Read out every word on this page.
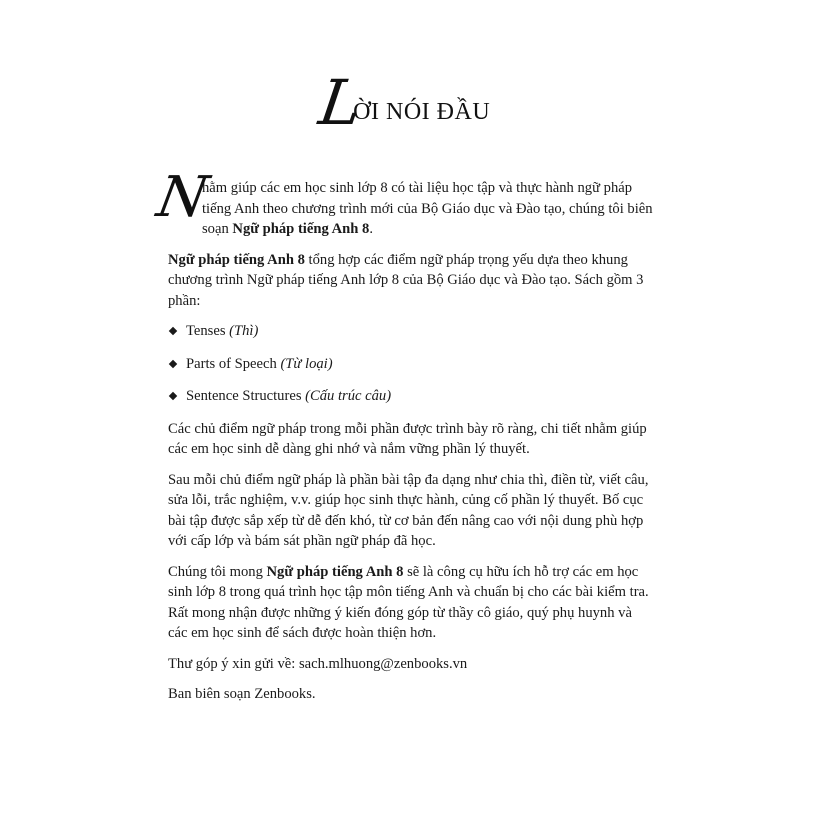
L
ỜI NÓI ĐẦU

N
hằm giúp các em học sinh lớp 8 có tài liệu học tập và thực hành ngữ pháp tiếng Anh theo chương trình mới của Bộ Giáo dục và Đào tạo, chúng tôi biên soạn Ngữ pháp tiếng Anh 8.

Ngữ pháp tiếng Anh 8 tổng hợp các điểm ngữ pháp trọng yếu dựa theo khung chương trình Ngữ pháp tiếng Anh lớp 8 của Bộ Giáo dục và Đào tạo. Sách gồm 3 phần:

Tenses (Thì)
Parts of Speech (Từ loại)
Sentence Structures (Cấu trúc câu)

Các chủ điểm ngữ pháp trong mỗi phần được trình bày rõ ràng, chi tiết nhằm giúp các em học sinh dễ dàng ghi nhớ và nắm vững phần lý thuyết.

Sau mỗi chủ điểm ngữ pháp là phần bài tập đa dạng như chia thì, điền từ, viết câu, sửa lỗi, trắc nghiệm, v.v. giúp học sinh thực hành, củng cố phần lý thuyết. Bố cục bài tập được sắp xếp từ dễ đến khó, từ cơ bản đến nâng cao với nội dung phù hợp với cấp lớp và bám sát phần ngữ pháp đã học.

Chúng tôi mong Ngữ pháp tiếng Anh 8 sẽ là công cụ hữu ích hỗ trợ các em học sinh lớp 8 trong quá trình học tập môn tiếng Anh và chuẩn bị cho các bài kiểm tra. Rất mong nhận được những ý kiến đóng góp từ thầy cô giáo, quý phụ huynh và các em học sinh để sách được hoàn thiện hơn.

Thư góp ý xin gửi về: sach.mlhuong@zenbooks.vn

Ban biên soạn Zenbooks.
